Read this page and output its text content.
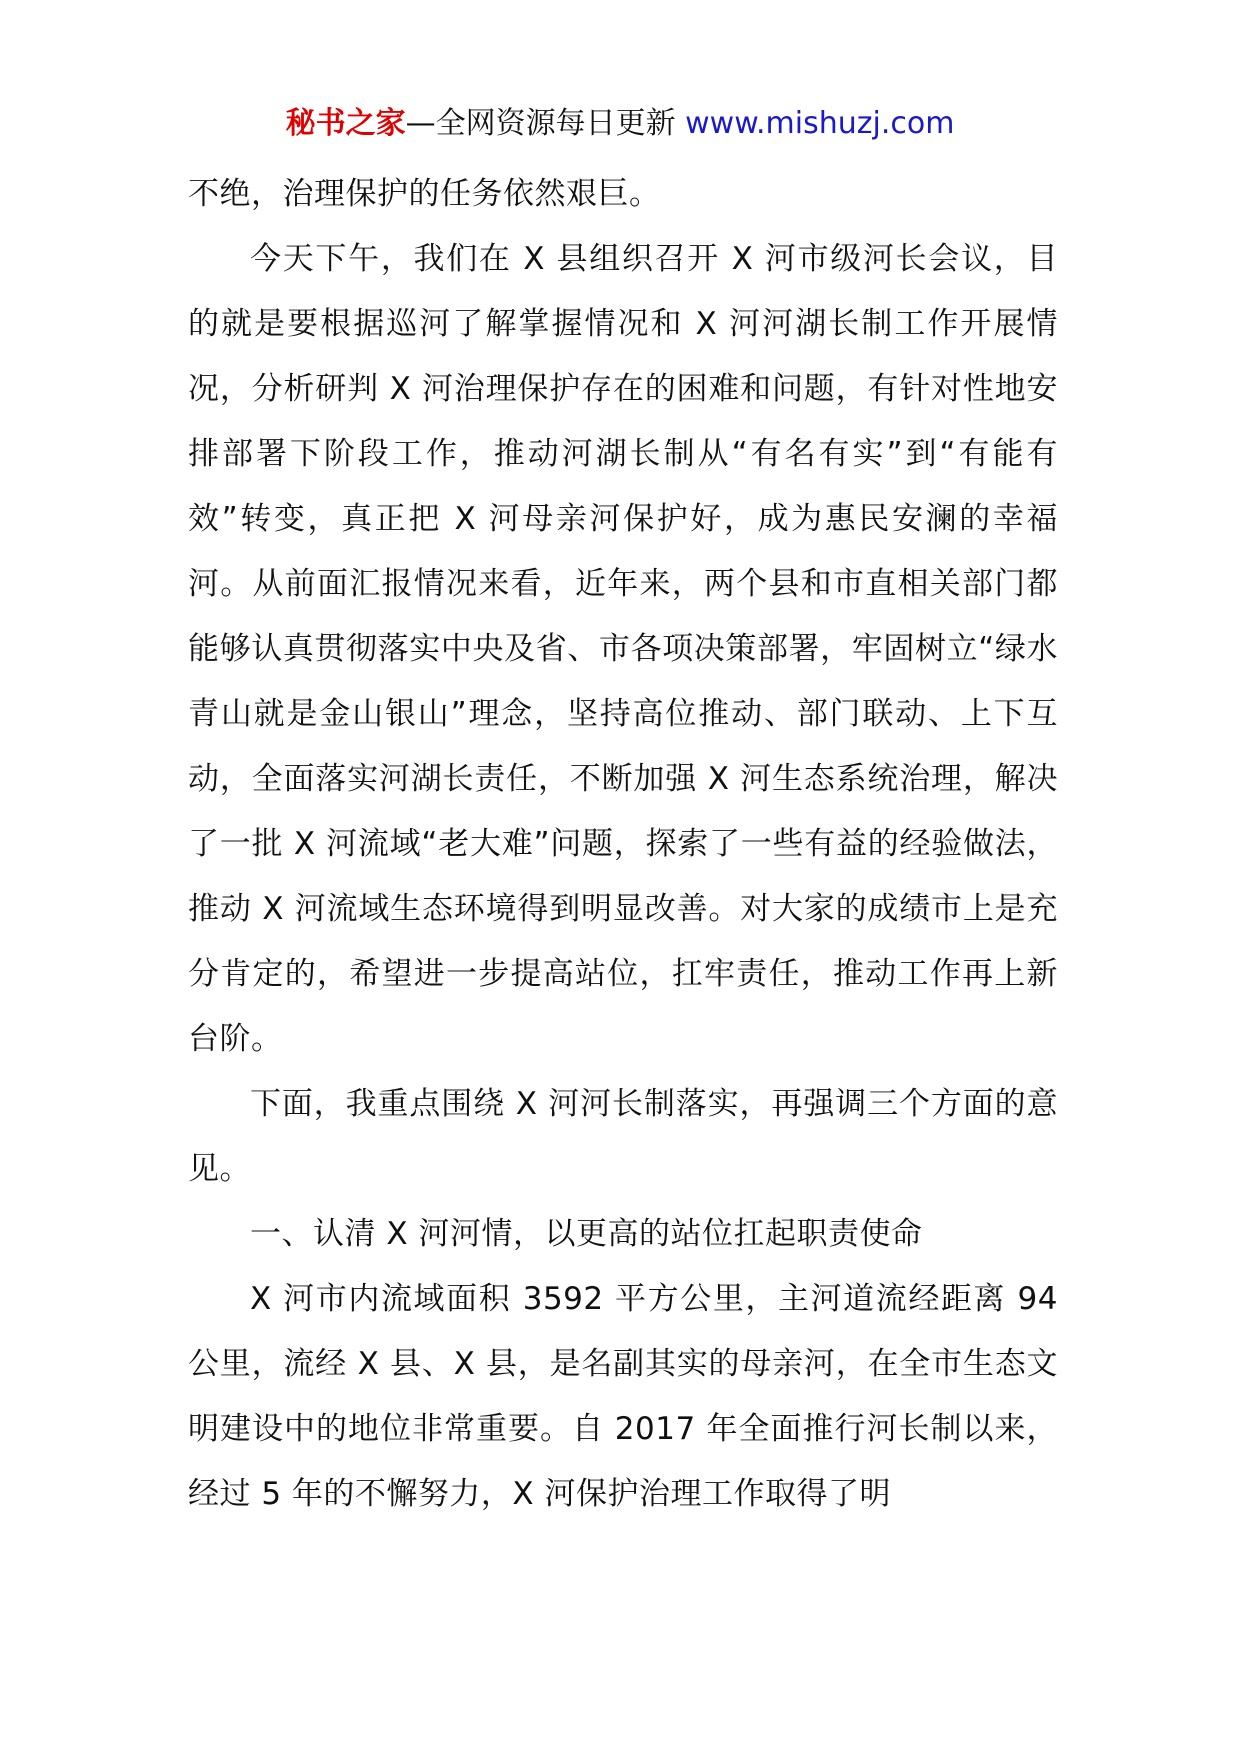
秘书之家—全网资源每日更新 www.mishuzj.com

不绝，治理保护的任务依然艰巨。

今天下午，我们在 X 县组织召开 X 河市级河长会议，目的就是要根据巡河了解掌握情况和 X 河河湖长制工作开展情况，分析研判 X 河治理保护存在的困难和问题，有针对性地安排部署下阶段工作，推动河湖长制从“有名有实”到“有能有效”转变，真正把 X 河母亲河保护好，成为惠民安澜的幸福河。从前面汇报情况来看，近年来，两个县和市直相关部门都能够认真贯彻落实中央及省、市各项决策部署，牢固树立“绿水青山就是金山银山”理念，坚持高位推动、部门联动、上下互动，全面落实河湖长责任，不断加强 X 河生态系统治理，解决了一批 X 河流域“老大难”问题，探索了一些有益的经验做法，推动 X 河流域生态环境得到明显改善。对大家的成绩市上是充分肯定的，希望进一步提高站位，扛牢责任，推动工作再上新台阶。

下面，我重点围绕 X 河河长制落实，再强调三个方面的意见。

一、认清 X 河河情，以更高的站位扛起职责使命

X 河市内流域面积 3592 平方公里，主河道流经距离 94 公里，流经 X 县、X 县，是名副其实的母亲河，在全市生态文明建设中的地位非常重要。自 2017 年全面推行河长制以来，经过 5 年的不懈努力，X 河保护治理工作取得了明
